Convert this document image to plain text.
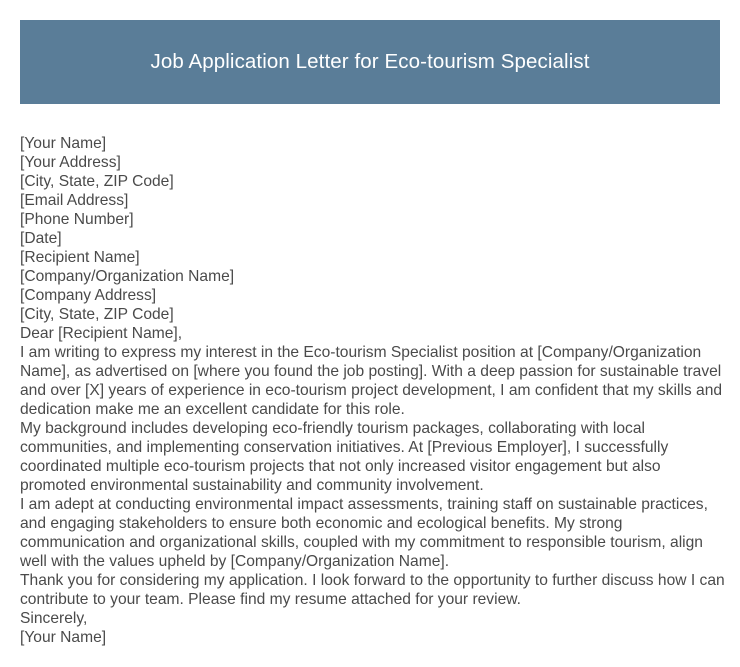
Job Application Letter for Eco-tourism Specialist
[Your Name]
[Your Address]
[City, State, ZIP Code]
[Email Address]
[Phone Number]
[Date]
[Recipient Name]
[Company/Organization Name]
[Company Address]
[City, State, ZIP Code]
Dear [Recipient Name],
I am writing to express my interest in the Eco-tourism Specialist position at [Company/Organization Name], as advertised on [where you found the job posting]. With a deep passion for sustainable travel and over [X] years of experience in eco-tourism project development, I am confident that my skills and dedication make me an excellent candidate for this role.
My background includes developing eco-friendly tourism packages, collaborating with local communities, and implementing conservation initiatives. At [Previous Employer], I successfully coordinated multiple eco-tourism projects that not only increased visitor engagement but also promoted environmental sustainability and community involvement.
I am adept at conducting environmental impact assessments, training staff on sustainable practices, and engaging stakeholders to ensure both economic and ecological benefits. My strong communication and organizational skills, coupled with my commitment to responsible tourism, align well with the values upheld by [Company/Organization Name].
Thank you for considering my application. I look forward to the opportunity to further discuss how I can contribute to your team. Please find my resume attached for your review.
Sincerely,
[Your Name]
